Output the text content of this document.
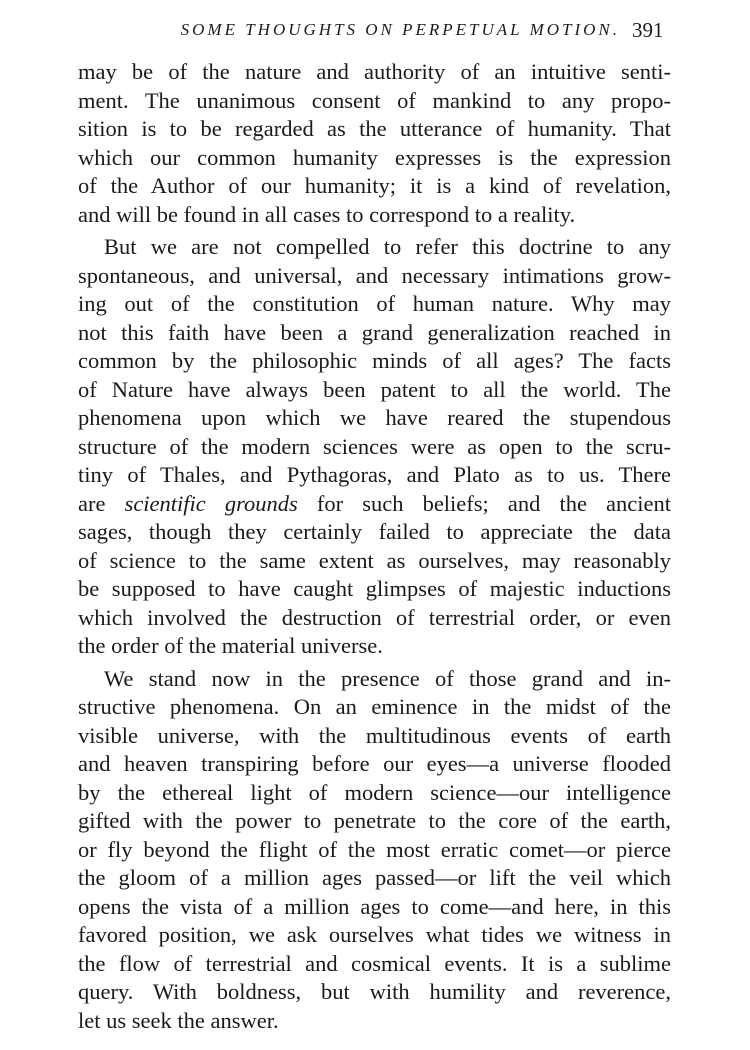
SOME THOUGHTS ON PERPETUAL MOTION. 391

may be of the nature and authority of an intuitive senti-
ment. The unanimous consent of mankind to any propo-
sition is to be regarded as the utterance of humanity. That
which our common humanity expresses is the expression
of the Author of our humanity; it is a kind of revelation,
and will be found in all cases to correspond to a reality.

But we are not compelled to refer this doctrine to any
spontaneous, and universal, and necessary intimations grow-
ing out of the constitution of human nature. Why may
not this faith have been a grand generalization reached in
common by the philosophic minds of all ages? The facts
of Nature have always been patent to all the world. The
phenomena upon which we have reared the stupendous
structure of the modern sciences were as open to the scru-
tiny of Thales, and Pythagoras, and Plato as to us. There
are scientific grounds for such beliefs; and the ancient
sages, though they certainly failed to appreciate the data
of science to the same extent as ourselves, may reasonably
be supposed to have caught glimpses of majestic inductions
which involved the destruction of terrestrial order, or even
the order of the material universe.

We stand now in the presence of those grand and in-
structive phenomena. On an eminence in the midst of the
visible universe, with the multitudinous events of earth
and heaven transpiring before our eyes—a universe flooded
by the ethereal light of modern science—our intelligence
gifted with the power to penetrate to the core of the earth,
or fly beyond the flight of the most erratic comet—or pierce
the gloom of a million ages passed—or lift the veil which
opens the vista of a million ages to come—and here, in this
favored position, we ask ourselves what tides we witness in
the flow of terrestrial and cosmical events. It is a sublime
query. With boldness, but with humility and reverence,
let us seek the answer.
